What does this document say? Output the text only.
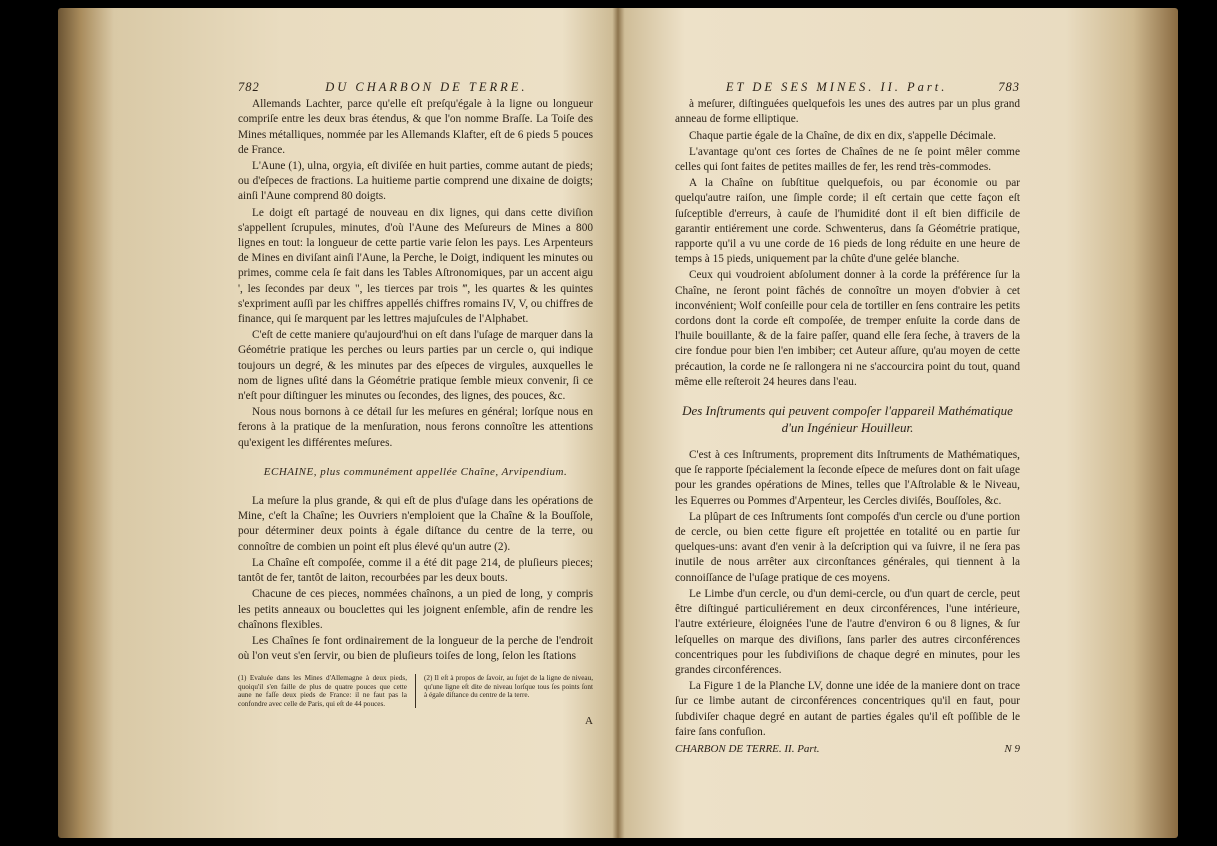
782	DU CHARBON DE TERRE.

Allemands Lachter, parce qu'elle eſt preſqu'égale à la ligne ou longueur compriſe entre les deux bras étendus, & que l'on nomme Braſſe. La Toiſe des Mines métalliques, nommée par les Allemands Klafter, eſt de 6 pieds 5 pouces de France.

L'Aune (1), ulna, orgyia, eſt diviſée en huit parties, comme autant de pieds; ou d'eſpeces de fractions. La huitieme partie comprend une dixaine de doigts; ainſi l'Aune comprend 80 doigts.

Le doigt eſt partagé de nouveau en dix lignes, qui dans cette diviſion s'appellent ſcrupules, minutes, d'où l'Aune des Meſureurs de Mines a 800 lignes en tout: la longueur de cette partie varie ſelon les pays. Les Arpenteurs de Mines en diviſant ainſi l'Aune, la Perche, le Doigt, indiquent les minutes ou primes, comme cela ſe fait dans les Tables Aſtronomiques, par un accent aigu ', les ſecondes par deux ", les tierces par trois ‴, les quartes & les quintes s'expriment auſſi par les chiffres appellés chiffres romains IV, V, ou chiffres de finance, qui ſe marquent par les lettres majuſcules de l'Alphabet.

C'eſt de cette maniere qu'aujourd'hui on eſt dans l'uſage de marquer dans la Géométrie pratique les perches ou leurs parties par un cercle o, qui indique toujours un degré, & les minutes par des eſpeces de virgules, auxquelles le nom de lignes uſité dans la Géométrie pratique ſemble mieux convenir, ſi ce n'eſt pour diſtinguer les minutes ou ſecondes, des lignes, des pouces, &c.

Nous nous bornons à ce détail ſur les meſures en général; lorſque nous en ferons à la pratique de la menſuration, nous ferons connoître les attentions qu'exigent les différentes meſures.

ECHAINE, plus communément appellée Chaîne, Arvipendium.

La meſure la plus grande, & qui eſt de plus d'uſage dans les opérations de Mine, c'eſt la Chaîne; les Ouvriers n'emploient que la Chaîne & la Bouſſole, pour déterminer deux points à égale diſtance du centre de la terre, ou connoître de combien un point eſt plus élevé qu'un autre (2).

La Chaîne eſt compoſée, comme il a été dit page 214, de pluſieurs pieces; tantôt de fer, tantôt de laiton, recourbées par les deux bouts.

Chacune de ces pieces, nommées chaînons, a un pied de long, y compris les petits anneaux ou bouclettes qui les joignent enſemble, afin de rendre les chaînons flexibles.

Les Chaînes ſe font ordinairement de la longueur de la perche de l'endroit où l'on veut s'en ſervir, ou bien de pluſieurs toiſes de long, ſelon les ſtations

(1) Evaluée dans les Mines d'Allemagne à deux pieds, quoiqu'il s'en faille de plus de quatre pouces que cette aune ne faſſe deux pieds de France: il ne faut pas la confondre avec celle de Paris, qui eſt de 44 pouces.
(2) Il eſt à propos de ſavoir, au ſujet de la ligne de niveau, qu'une ligne eſt dite de niveau lorſque tous ſes points ſont à égale diſtance du centre de la terre.
A
ET DE SES MINES. II. Part.	783

à meſurer, diſtinguées quelquefois les unes des autres par un plus grand anneau de forme elliptique.

Chaque partie égale de la Chaîne, de dix en dix, s'appelle Décimale.

L'avantage qu'ont ces ſortes de Chaînes de ne ſe point mêler comme celles qui ſont faites de petites mailles de fer, les rend très-commodes.

A la Chaîne on ſubſtitue quelquefois, ou par économie ou par quelqu'autre raiſon, une ſimple corde; il eſt certain que cette façon eſt ſuſceptible d'erreurs, à cauſe de l'humidité dont il eſt bien difficile de garantir entiérement une corde. Schwenterus, dans ſa Géométrie pratique, rapporte qu'il a vu une corde de 16 pieds de long réduite en une heure de temps à 15 pieds, uniquement par la chûte d'une gelée blanche.

Ceux qui voudroient abſolument donner à la corde la préférence ſur la Chaîne, ne ſeront point fâchés de connoître un moyen d'obvier à cet inconvénient; Wolf conſeille pour cela de tortiller en ſens contraire les petits cordons dont la corde eſt compoſée, de tremper enſuite la corde dans de l'huile bouillante, & de la faire paſſer, quand elle ſera ſeche, à travers de la cire fondue pour bien l'en imbiber; cet Auteur aſſure, qu'au moyen de cette précaution, la corde ne ſe rallongera ni ne s'accourcira point du tout, quand même elle reſteroit 24 heures dans l'eau.

Des Inſtruments qui peuvent compoſer l'appareil Mathématique d'un Ingénieur Houilleur.

C'est à ces Inſtruments, proprement dits Inſtruments de Mathématiques, que ſe rapporte ſpécialement la ſeconde eſpece de meſures dont on fait uſage pour les grandes opérations de Mines, telles que l'Aſtrolable & le Niveau, les Equerres ou Pommes d'Arpenteur, les Cercles diviſés, Bouſſoles, &c.

La plûpart de ces Inſtruments ſont compoſés d'un cercle ou d'une portion de cercle, ou bien cette figure eſt projettée en totalité ou en partie ſur quelques-uns: avant d'en venir à la deſcription qui va ſuivre, il ne ſera pas inutile de nous arrêter aux circonſtances générales, qui tiennent à la connoiſſance de l'uſage pratique de ces moyens.

Le Limbe d'un cercle, ou d'un demi-cercle, ou d'un quart de cercle, peut être diſtingué particuliérement en deux circonférences, l'une intérieure, l'autre extérieure, éloignées l'une de l'autre d'environ 6 ou 8 lignes, & ſur leſquelles on marque des diviſions, ſans parler des autres circonférences concentriques pour les ſubdiviſions de chaque degré en minutes, pour les grandes circonférences.

La Figure 1 de la Planche LV, donne une idée de la maniere dont on trace ſur ce limbe autant de circonférences concentriques qu'il en faut, pour ſubdiviſer chaque degré en autant de parties égales qu'il eſt poſſible de le faire ſans confuſion.

CHARBON DE TERRE. II. Part.	N 9
